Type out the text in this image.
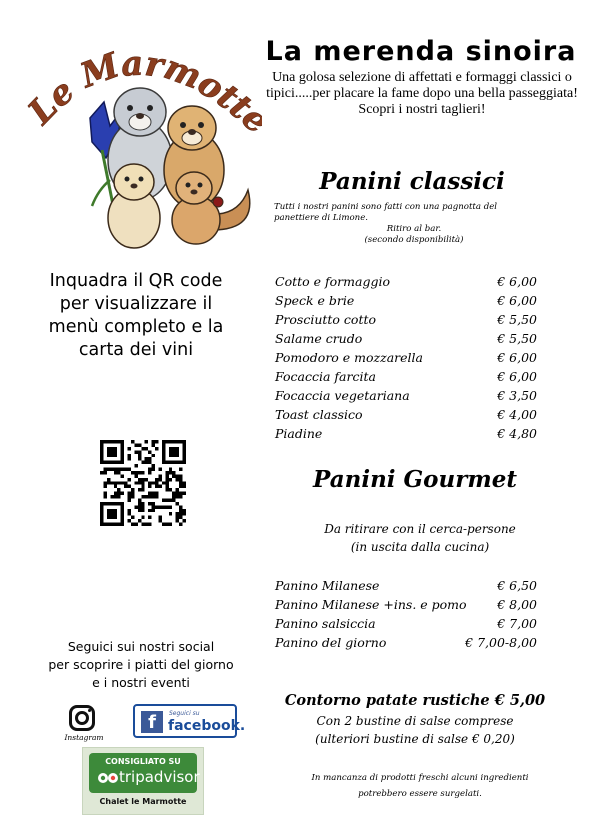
Le Marmott
La merenda sinoira
Una golosa selezione di affettati e formaggi classici o
tipici.....per placare la fame dopo una bella passeggiata!
Scopri i nostri taglieri!
Panini classici
Tutti i nostri panini sono fatti con una pagnotta del
panettiere di Limone.
Ritiro al bar.
(secondo disponibilità)
Cotto e formaggio	€ 6,00
Speck e brie	€ 6,00
Prosciutto cotto	€ 5,50
Salame crudo	€ 5,50
Pomodoro e mozzarella	€ 6,00
Focaccia farcita	€ 6,00
Focaccia vegetariana	€ 3,50
Toast classico	€ 4,00
Piadine	€ 4,80
Panini Gourmet
Da ritirare con il cerca-persone
(in uscita dalla cucina)
Panino Milanese	€ 6,50
Panino Milanese +ins. e pomo € 8,00
Panino salsiccia	€ 7,00
Panino del giorno	€ 7,00-8,00
Contorno patate rustiche € 5,00
Con 2 bustine di salse comprese
(ulteriori bustine di salse € 0,20)
In mancanza di prodotti freschi alcuni ingredienti
potrebbero essere surgelati.
Inquadra il QR code
per visualizzare il
menù completo e la
carta dei vini
Seguici sui nostri social
per scoprire i piatti del giorno
e i nostri eventi
Instagram
f	Seguici su
facebook.
CONSIGLIATO SU
tripadvisor
Chalet le Marmotte
